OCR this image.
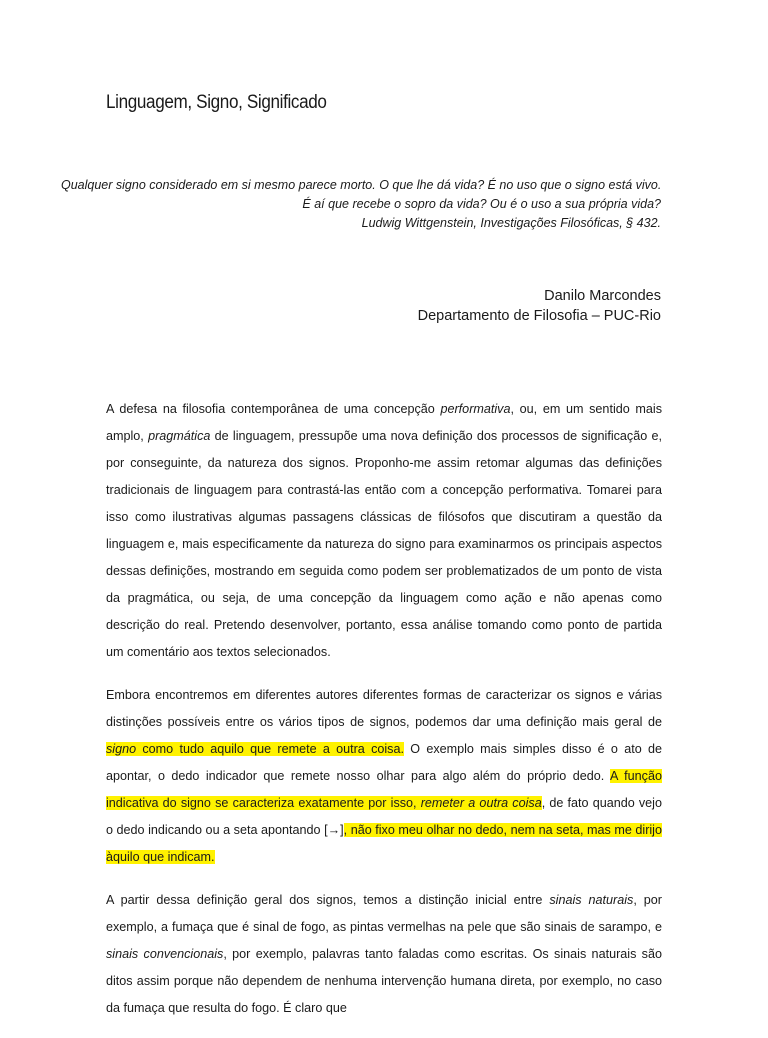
Linguagem, Signo, Significado
Qualquer signo considerado em si mesmo parece morto. O que lhe dá vida? É no uso que o signo está vivo.
É aí que recebe o sopro da vida? Ou é o uso a sua própria vida?
Ludwig Wittgenstein, Investigações Filosóficas, § 432.
Danilo Marcondes
Departamento de Filosofia – PUC-Rio

A defesa na filosofia contemporânea de uma concepção performativa, ou, em um sentido mais amplo, pragmática de linguagem, pressupõe uma nova definição dos processos de significação e, por conseguinte, da natureza dos signos. Proponho-me assim retomar algumas das definições tradicionais de linguagem para contrastá-las então com a concepção performativa. Tomarei para isso como ilustrativas algumas passagens clássicas de filósofos que discutiram a questão da linguagem e, mais especificamente da natureza do signo para examinarmos os principais aspectos dessas definições, mostrando em seguida como podem ser problematizados de um ponto de vista da pragmática, ou seja, de uma concepção da linguagem como ação e não apenas como descrição do real. Pretendo desenvolver, portanto, essa análise tomando como ponto de partida um comentário aos textos selecionados.

Embora encontremos em diferentes autores diferentes formas de caracterizar os signos e várias distinções possíveis entre os vários tipos de signos, podemos dar uma definição mais geral de signo como tudo aquilo que remete a outra coisa. O exemplo mais simples disso é o ato de apontar, o dedo indicador que remete nosso olhar para algo além do próprio dedo. A função indicativa do signo se caracteriza exatamente por isso, remeter a outra coisa, de fato quando vejo o dedo indicando ou a seta apontando [→], não fixo meu olhar no dedo, nem na seta, mas me dirijo àquilo que indicam.

A partir dessa definição geral dos signos, temos a distinção inicial entre sinais naturais, por exemplo, a fumaça que é sinal de fogo, as pintas vermelhas na pele que são sinais de sarampo, e sinais convencionais, por exemplo, palavras tanto faladas como escritas. Os sinais naturais são ditos assim porque não dependem de nenhuma intervenção humana direta, por exemplo, no caso da fumaça que resulta do fogo. É claro que
